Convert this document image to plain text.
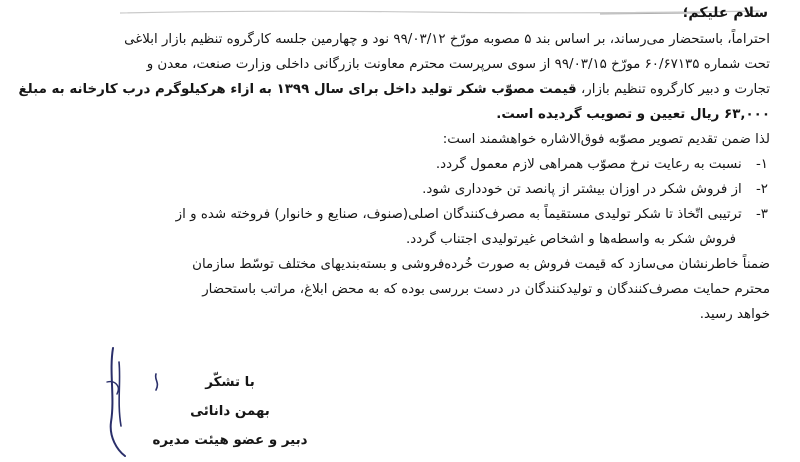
سلام علیکم؛
احتراماً، باستحضار می‌رساند، بر اساس بند ۵ مصوبه مورّخ ۹۹/۰۳/۱۲ نود و چهارمین جلسه کارگروه تنظیم بازار ابلاغی
تحت شماره ۶۰/۶۷۱۳۵ مورّخ ۹۹/۰۳/۱۵ از سوی سرپرست محترم معاونت بازرگانی داخلی وزارت صنعت، معدن و
تجارت و دبیر کارگروه تنظیم بازار، قیمت مصوّب شکر تولید داخل برای سال ۱۳۹۹ به ازاء هرکیلوگرم درب کارخانه به مبلغ
۶۳,۰۰۰ ریال تعیین و تصویب گردیده است.
لذا ضمن تقدیم تصویر مصوّبه فوق‌الاشاره خواهشمند است:
۱- نسبت به رعایت نرخ مصوّب همراهی لازم معمول گردد.
۲- از فروش شکر در اوزان بیشتر از پانصد تن خودداری شود.
۳- ترتیبی اتّخاذ تا شکر تولیدی مستقیماً به مصرف‌کنندگان اصلی(صنوف، صنایع و خانوار) فروخته شده و از
فروش شکر به واسطه‌ها و اشخاص غیرتولیدی اجتناب گردد.
ضمناً خاطرنشان می‌سازد که قیمت فروش به صورت خُرده‌فروشی و بسته‌بندیهای مختلف توسّط سازمان
محترم حمایت مصرف‌کنندگان و تولیدکنندگان در دست بررسی بوده که به محض ابلاغ، مراتب باستحضار
خواهد رسید.
با تشکّر
بهمن دانائی
دبیر و عضو هیئت مدیره
